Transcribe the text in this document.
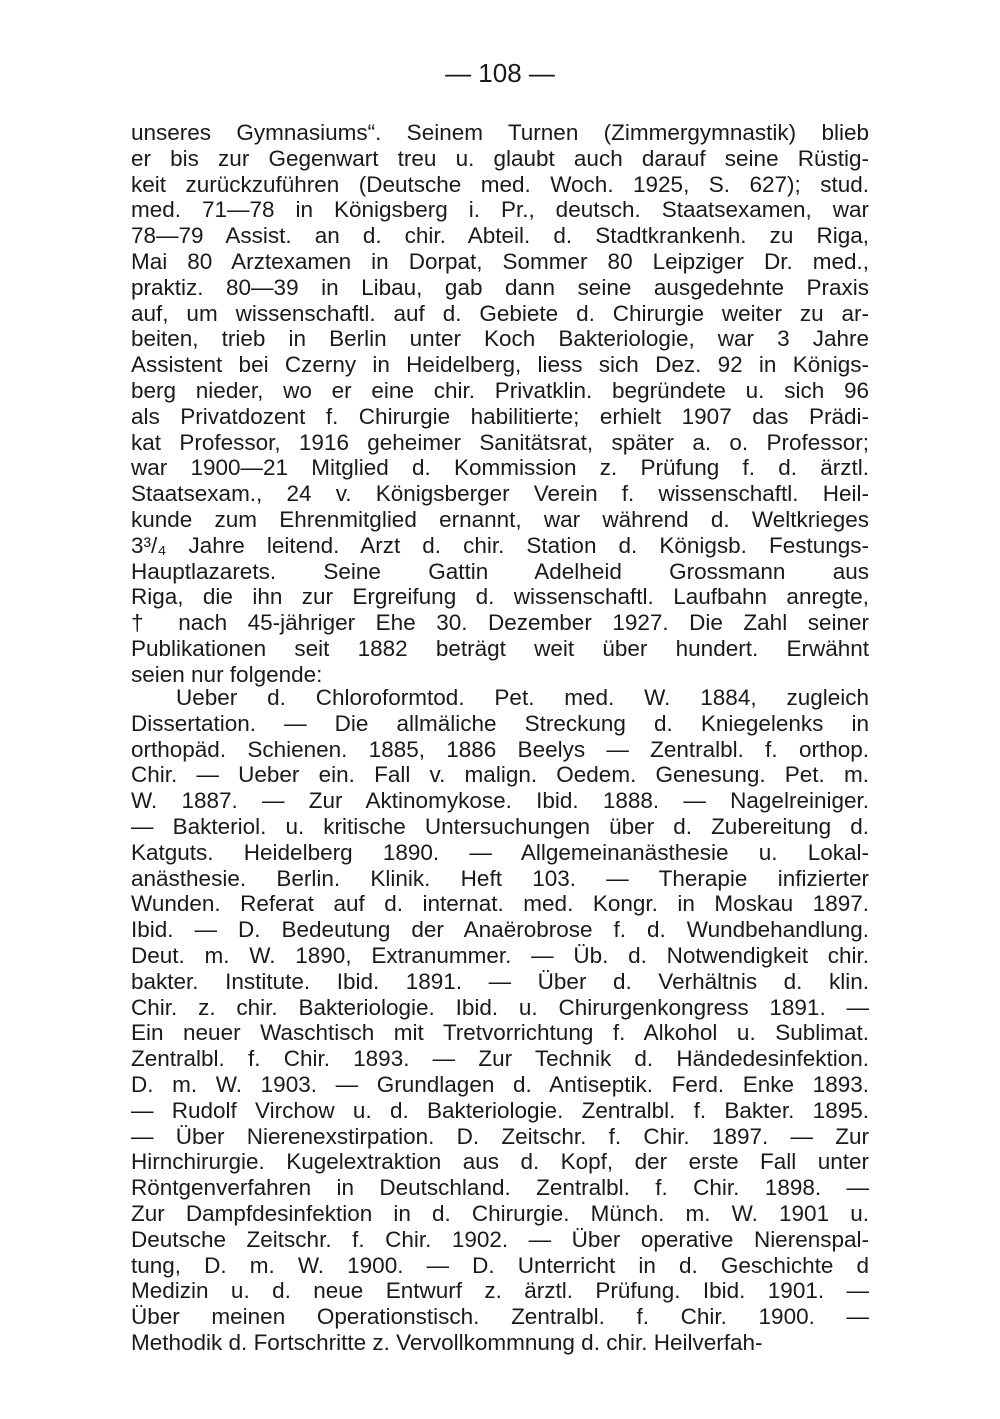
— 108 —
unseres Gymnasiums“. Seinem Turnen (Zimmergymnastik) blieb
er bis zur Gegenwart treu u. glaubt auch darauf seine Rüstig-
keit zurückzuführen (Deutsche med. Woch. 1925, S. 627); stud.
med. 71—78 in Königsberg i. Pr., deutsch. Staatsexamen, war
78—79 Assist. an d. chir. Abteil. d. Stadtkrankenh. zu Riga,
Mai 80 Arztexamen in Dorpat, Sommer 80 Leipziger Dr. med.,
praktiz. 80—39 in Libau, gab dann seine ausgedehnte Praxis
auf, um wissenschaftl. auf d. Gebiete d. Chirurgie weiter zu ar-
beiten, trieb in Berlin unter Koch Bakteriologie, war 3 Jahre
Assistent bei Czerny in Heidelberg, liess sich Dez. 92 in Königs-
berg nieder, wo er eine chir. Privatklin. begründete u. sich 96
als Privatdozent f. Chirurgie habilitierte; erhielt 1907 das Prädi-
kat Professor, 1916 geheimer Sanitätsrat, später a. o. Professor;
war 1900—21 Mitglied d. Kommission z. Prüfung f. d. ärztl.
Staatsexam., 24 v. Königsberger Verein f. wissenschaftl. Heil-
kunde zum Ehrenmitglied ernannt, war während d. Weltkrieges
3³/₄ Jahre leitend. Arzt d. chir. Station d. Königsb. Festungs-
Hauptlazarets. Seine Gattin Adelheid Grossmann aus
Riga, die ihn zur Ergreifung d. wissenschaftl. Laufbahn anregte,
† nach 45-jähriger Ehe 30. Dezember 1927. Die Zahl seiner
Publikationen seit 1882 beträgt weit über hundert. Erwähnt
seien nur folgende:
Ueber d. Chloroformtod. Pet. med. W. 1884, zugleich
Dissertation. — Die allmäliche Streckung d. Kniegelenks in
orthopäd. Schienen. 1885, 1886 Beelys — Zentralbl. f. orthop.
Chir. — Ueber ein. Fall v. malign. Oedem. Genesung. Pet. m.
W. 1887. — Zur Aktinomykose. Ibid. 1888. — Nagelreiniger.
— Bakteriol. u. kritische Untersuchungen über d. Zubereitung d.
Katguts. Heidelberg 1890. — Allgemeinanästhesie u. Lokal-
anästhesie. Berlin. Klinik. Heft 103. — Therapie infizierter
Wunden. Referat auf d. internat. med. Kongr. in Moskau 1897.
Ibid. — D. Bedeutung der Anaërobrose f. d. Wundbehandlung.
Deut. m. W. 1890, Extranummer. — Üb. d. Notwendigkeit chir.
bakter. Institute. Ibid. 1891. — Über d. Verhältnis d. klin.
Chir. z. chir. Bakteriologie. Ibid. u. Chirurgenkongress 1891. —
Ein neuer Waschtisch mit Tretvorrichtung f. Alkohol u. Sublimat.
Zentralbl. f. Chir. 1893. — Zur Technik d. Händedesinfektion.
D. m. W. 1903. — Grundlagen d. Antiseptik. Ferd. Enke 1893.
— Rudolf Virchow u. d. Bakteriologie. Zentralbl. f. Bakter. 1895.
— Über Nierenexstirpation. D. Zeitschr. f. Chir. 1897. — Zur
Hirnchirurgie. Kugelextraktion aus d. Kopf, der erste Fall unter
Röntgenverfahren in Deutschland. Zentralbl. f. Chir. 1898. —
Zur Dampfdesinfektion in d. Chirurgie. Münch. m. W. 1901 u.
Deutsche Zeitschr. f. Chir. 1902. — Über operative Nierenspal-
tung, D. m. W. 1900. — D. Unterricht in d. Geschichte d
Medizin u. d. neue Entwurf z. ärztl. Prüfung. Ibid. 1901. —
Über meinen Operationstisch. Zentralbl. f. Chir. 1900. —
Methodik d. Fortschritte z. Vervollkommnung d. chir. Heilverfah-
